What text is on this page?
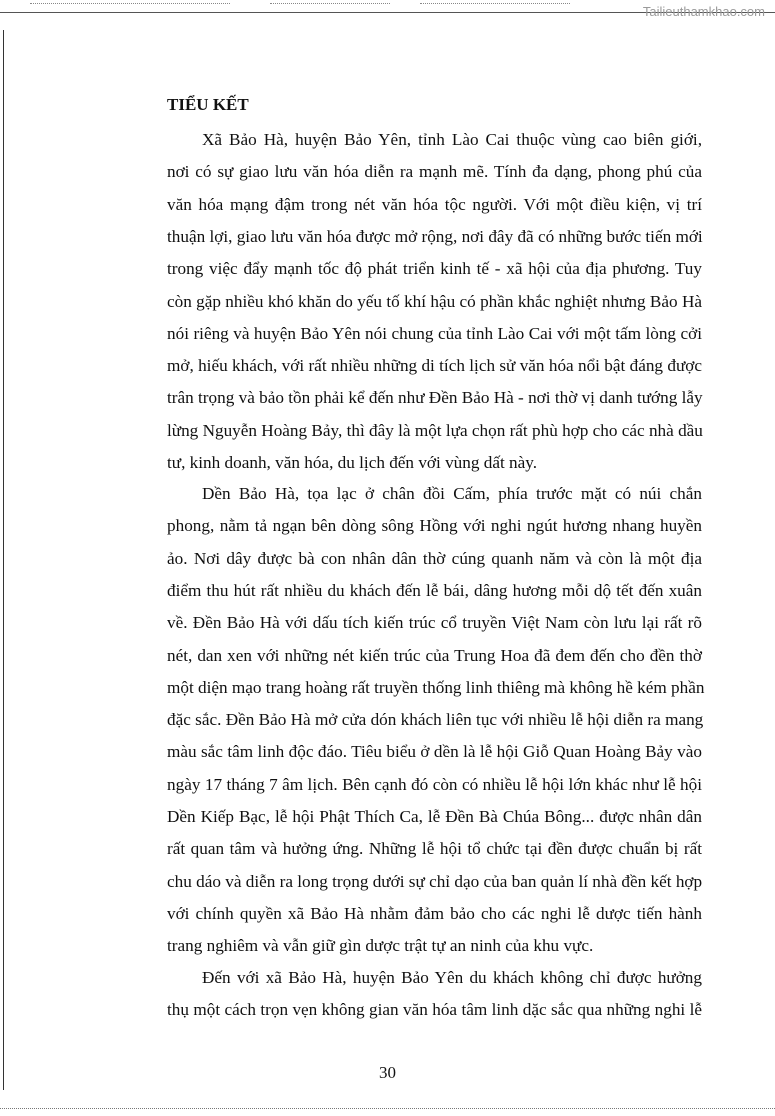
Tailieuthamkhao.com
TIỂU KẾT
Xã Bảo Hà, huyện Bảo Yên, tỉnh Lào Cai thuộc vùng cao biên giới,
nơi có sự giao lưu văn hóa diễn ra mạnh mẽ. Tính đa dạng, phong phú của
văn hóa mạng đậm trong nét văn hóa tộc người. Với một điều kiện, vị trí
thuận lợi, giao lưu văn hóa được mở rộng, nơi đây đã có những bước tiến mới
trong việc đẩy mạnh tốc độ phát triển kinh tế - xã hội của địa phương. Tuy
còn gặp nhiều khó khăn do yếu tố khí hậu có phần khắc nghiệt nhưng Bảo Hà
nói riêng và huyện Bảo Yên nói chung của tỉnh Lào Cai với một tấm lòng cởi
mở, hiếu khách, với rất nhiều những di tích lịch sử văn hóa nổi bật đáng được
trân trọng và bảo tồn phải kể đến như Đền Bảo Hà - nơi thờ vị danh tướng lẫy
lừng Nguyễn Hoàng Bảy, thì đây là một lựa chọn rất phù hợp cho các nhà dầu
tư, kinh doanh, văn hóa, du lịch đến với vùng dất này.
Dền Bảo Hà, tọa lạc ở chân đồi Cấm, phía trước mặt có núi chắn
phong, nằm tả ngạn bên dòng sông Hồng với nghi ngút hương nhang huyền
ảo. Nơi dây được bà con nhân dân thờ cúng quanh năm và còn là một địa
điểm thu hút rất nhiều du khách đến lễ bái, dâng hương mỗi dộ tết đến xuân
về. Đền Bảo Hà với dấu tích kiến trúc cổ truyền Việt Nam còn lưu lại rất rõ
nét, dan xen với những nét kiến trúc của Trung Hoa đã đem đến cho đền thờ
một diện mạo trang hoàng rất truyền thống linh thiêng mà không hề kém phần
đặc sắc. Đền Bảo Hà mở cửa dón khách liên tục với nhiều lễ hội diễn ra mang
màu sắc tâm linh độc đáo. Tiêu biểu ở dền là lễ hội Giỗ Quan Hoàng Bảy vào
ngày 17 tháng 7 âm lịch. Bên cạnh đó còn có nhiều lễ hội lớn khác như lễ hội
Dền Kiếp Bạc, lễ hội Phật Thích Ca, lễ Đền Bà Chúa Bông... được nhân dân
rất quan tâm và hưởng ứng. Những lễ hội tổ chức tại đền được chuẩn bị rất
chu dáo và diễn ra long trọng dưới sự chỉ dạo của ban quản lí nhà đền kết hợp
với chính quyền xã Bảo Hà nhằm đảm bảo cho các nghi lễ dược tiến hành
trang nghiêm và vẫn giữ gìn dược trật tự an ninh của khu vực.
Đến với xã Bảo Hà, huyện Bảo Yên du khách không chỉ được hưởng
thụ một cách trọn vẹn không gian văn hóa tâm linh dặc sắc qua những nghi lễ
30
